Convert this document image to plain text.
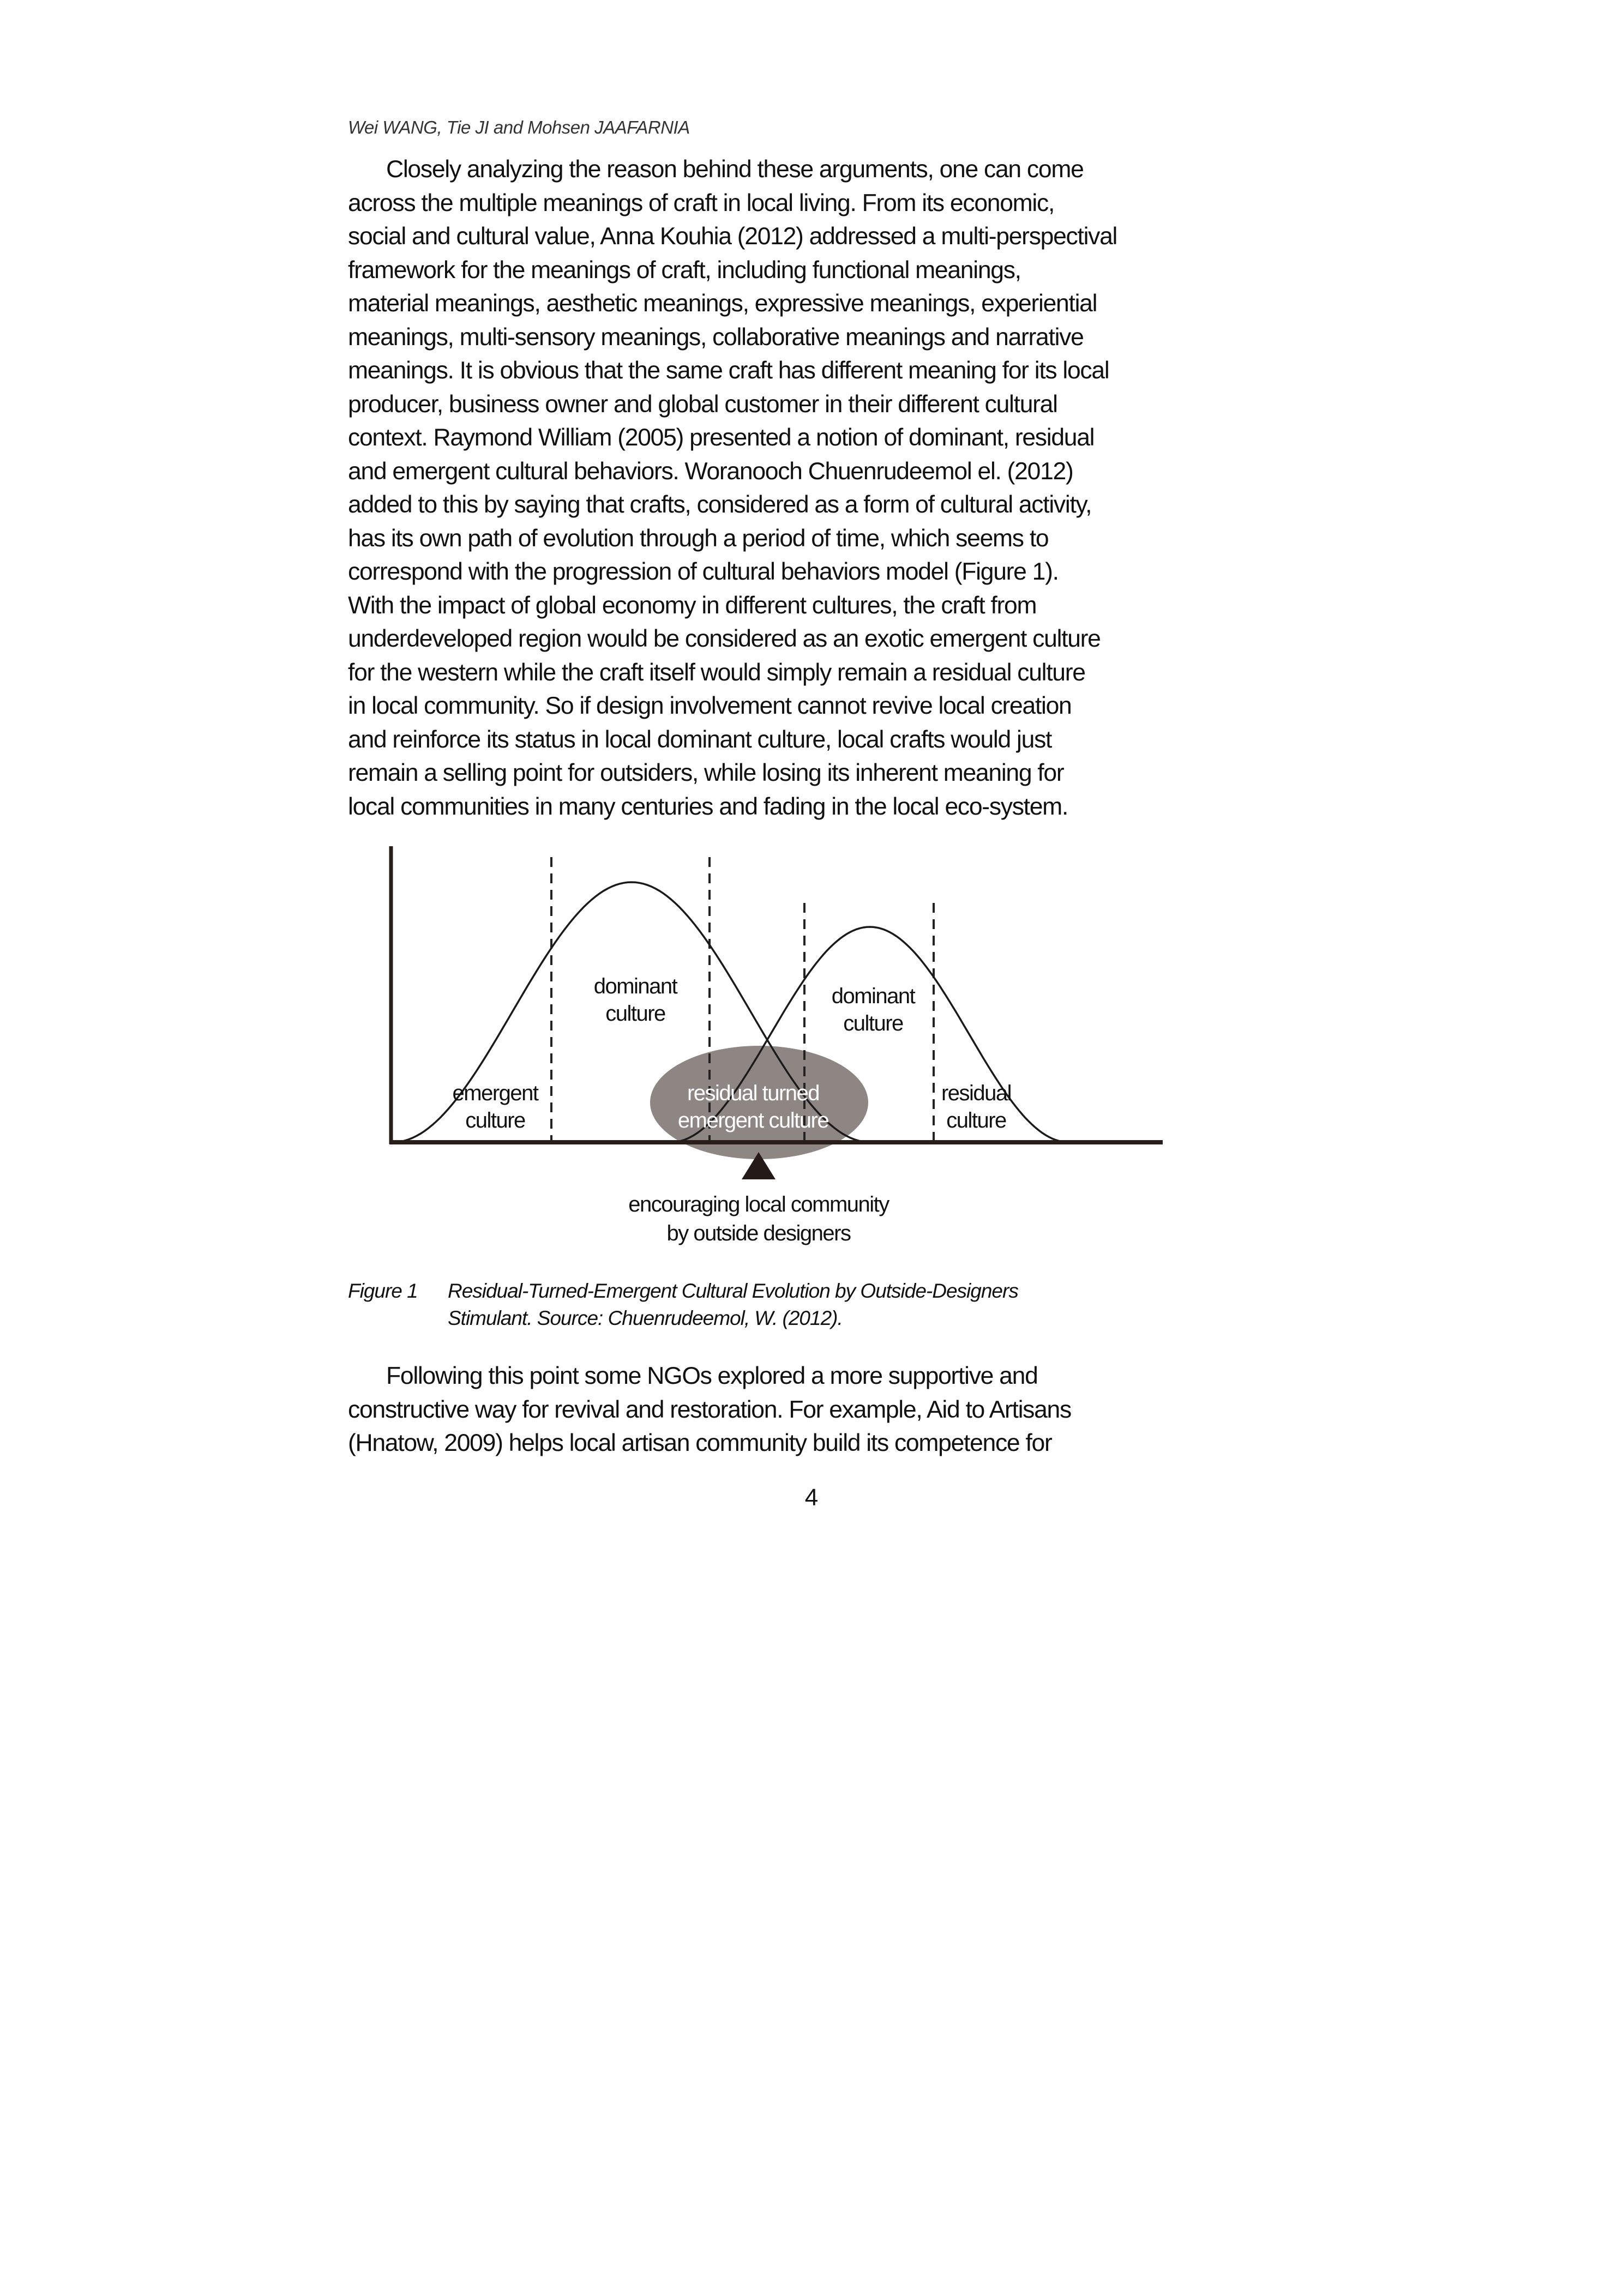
Wei WANG, Tie JI and Mohsen JAAFARNIA
Closely analyzing the reason behind these arguments, one can come
across the multiple meanings of craft in local living. From its economic,
social and cultural value, Anna Kouhia (2012) addressed a multi-perspectival
framework for the meanings of craft, including functional meanings,
material meanings, aesthetic meanings, expressive meanings, experiential
meanings, multi-sensory meanings, collaborative meanings and narrative
meanings. It is obvious that the same craft has different meaning for its local
producer, business owner and global customer in their different cultural
context. Raymond William (2005) presented a notion of dominant, residual
and emergent cultural behaviors. Woranooch Chuenrudeemol el. (2012)
added to this by saying that crafts, considered as a form of cultural activity,
has its own path of evolution through a period of time, which seems to
correspond with the progression of cultural behaviors model (Figure 1).
With the impact of global economy in different cultures, the craft from
underdeveloped region would be considered as an exotic emergent culture
for the western while the craft itself would simply remain a residual culture
in local community. So if design involvement cannot revive local creation
and reinforce its status in local dominant culture, local crafts would just
remain a selling point for outsiders, while losing its inherent meaning for
local communities in many centuries and fading in the local eco-system.
emergent
culture
dominant
culture
dominant
culture
residual turned
emergent culture
residual
culture
encouraging local community
by outside designers
Figure 1 Residual-Turned-Emergent Cultural Evolution by Outside-Designers
Stimulant. Source: Chuenrudeemol, W. (2012).
Following this point some NGOs explored a more supportive and
constructive way for revival and restoration. For example, Aid to Artisans
(Hnatow, 2009) helps local artisan community build its competence for
4
